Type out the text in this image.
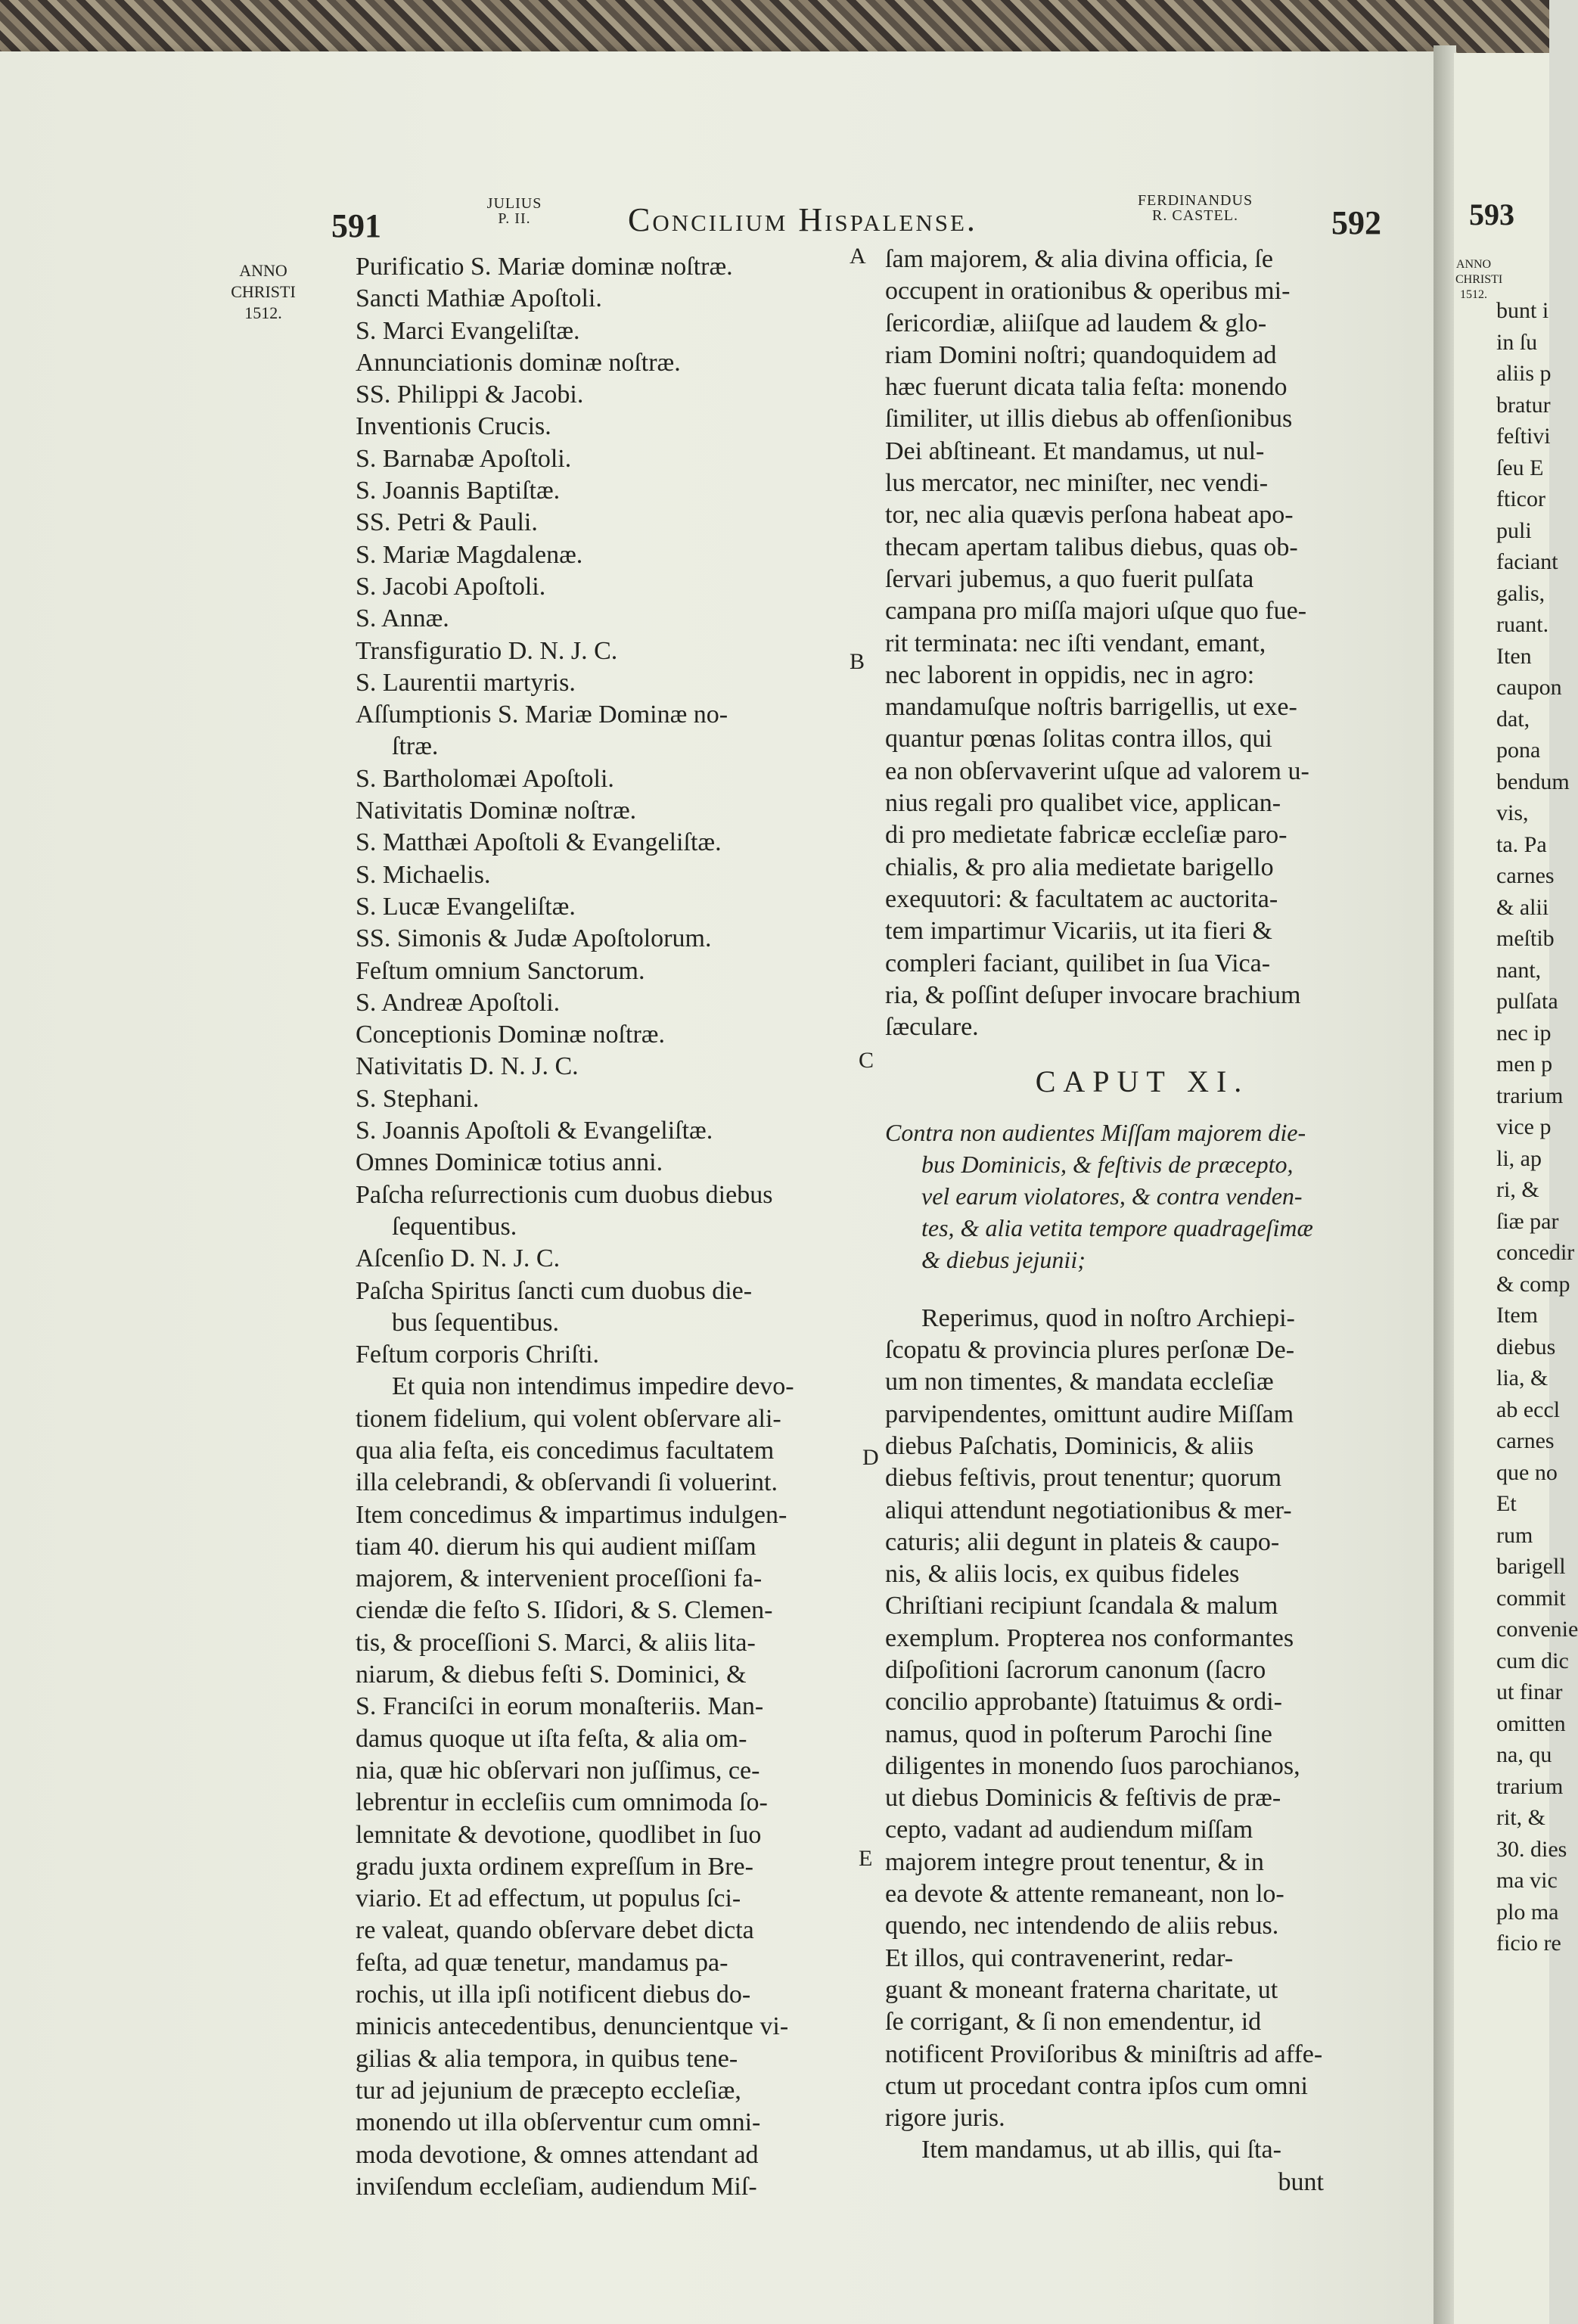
593
ANNO
CHRISTI
1512.
bunt i
in ſu
aliis p
bratur
feſtivi
ſeu E
fticor
puli
faciant
galis,
ruant.
Iten
caupon
dat,
pona
bendum
vis,
ta. Pa
carnes
& alii
meſtib
nant,
pulſata
nec ip
men p
trarium
vice p
li, ap
ri, &
ſiæ par
concedir
& comp
Item
diebus
lia, &
ab eccl
carnes
que no
Et
rum
barigell
commit
convenie
cum dic
ut finar
omitten
na, qu
trarium
rit, &
30. dies
ma vic
plo ma
ficio re
591
JULIUS
P. II.	Concilium Hispalense.
FERDINANDUS
R. CASTEL.	592
ANNO
CHRISTI
1512.
A
B
C
D
E
Purificatio S. Mariæ dominæ noſtræ.
Sancti Mathiæ Apoſtoli.
S. Marci Evangeliſtæ.
Annunciationis dominæ noſtræ.
SS. Philippi & Jacobi.
Inventionis Crucis.
S. Barnabæ Apoſtoli.
S. Joannis Baptiſtæ.
SS. Petri & Pauli.
S. Mariæ Magdalenæ.
S. Jacobi Apoſtoli.
S. Annæ.
Transfiguratio D. N. J. C.
S. Laurentii martyris.
Aſſumptionis S. Mariæ Dominæ no-
ſtræ.
S. Bartholomæi Apoſtoli.
Nativitatis Dominæ noſtræ.
S. Matthæi Apoſtoli & Evangeliſtæ.
S. Michaelis.
S. Lucæ Evangeliſtæ.
SS. Simonis & Judæ Apoſtolorum.
Feſtum omnium Sanctorum.
S. Andreæ Apoſtoli.
Conceptionis Dominæ noſtræ.
Nativitatis D. N. J. C.
S. Stephani.
S. Joannis Apoſtoli & Evangeliſtæ.
Omnes Dominicæ totius anni.
Paſcha reſurrectionis cum duobus diebus
ſequentibus.
Aſcenſio D. N. J. C.
Paſcha Spiritus ſancti cum duobus die-
bus ſequentibus.
Feſtum corporis Chriſti.
Et quia non intendimus impedire devo-
tionem fidelium, qui volent obſervare ali-
qua alia feſta, eis concedimus facultatem
illa celebrandi, & obſervandi ſi voluerint.
Item concedimus & impartimus indulgen-
tiam 40. dierum his qui audient miſſam
majorem, & intervenient proceſſioni fa-
ciendæ die feſto S. Iſidori, & S. Clemen-
tis, & proceſſioni S. Marci, & aliis lita-
niarum, & diebus feſti S. Dominici, &
S. Franciſci in eorum monaſteriis. Man-
damus quoque ut iſta feſta, & alia om-
nia, quæ hic obſervari non juſſimus, ce-
lebrentur in eccleſiis cum omnimoda ſo-
lemnitate & devotione, quodlibet in ſuo
gradu juxta ordinem expreſſum in Bre-
viario. Et ad effectum, ut populus ſci-
re valeat, quando obſervare debet dicta
feſta, ad quæ tenetur, mandamus pa-
rochis, ut illa ipſi notificent diebus do-
minicis antecedentibus, denuncientque vi-
gilias & alia tempora, in quibus tene-
tur ad jejunium de præcepto eccleſiæ,
monendo ut illa obſerventur cum omni-
moda devotione, & omnes attendant ad
inviſendum eccleſiam, audiendum Miſ-
ſam majorem, & alia divina officia, ſe
occupent in orationibus & operibus mi-
ſericordiæ, aliiſque ad laudem & glo-
riam Domini noſtri; quandoquidem ad
hæc fuerunt dicata talia feſta: monendo
ſimiliter, ut illis diebus ab offenſionibus
Dei abſtineant. Et mandamus, ut nul-
lus mercator, nec miniſter, nec vendi-
tor, nec alia quævis perſona habeat apo-
thecam apertam talibus diebus, quas ob-
ſervari jubemus, a quo fuerit pulſata
campana pro miſſa majori uſque quo fue-
rit terminata: nec iſti vendant, emant,
nec laborent in oppidis, nec in agro:
mandamuſque noſtris barrigellis, ut exe-
quantur pœnas ſolitas contra illos, qui
ea non obſervaverint uſque ad valorem u-
nius regali pro qualibet vice, applican-
di pro medietate fabricæ eccleſiæ paro-
chialis, & pro alia medietate barigello
exequutori: & facultatem ac auctorita-
tem impartimur Vicariis, ut ita fieri &
compleri faciant, quilibet in ſua Vica-
ria, & poſſint deſuper invocare brachium
ſæculare.
CAPUT XI.
Contra non audientes Miſſam majorem die-
bus Dominicis, & feſtivis de præcepto,
vel earum violatores, & contra venden-
tes, & alia vetita tempore quadrageſimæ
& diebus jejunii;
Reperimus, quod in noſtro Archiepi-
ſcopatu & provincia plures perſonæ De-
um non timentes, & mandata eccleſiæ
parvipendentes, omittunt audire Miſſam
diebus Paſchatis, Dominicis, & aliis
diebus feſtivis, prout tenentur; quorum
aliqui attendunt negotiationibus & mer-
caturis; alii degunt in plateis & caupo-
nis, & aliis locis, ex quibus fideles
Chriſtiani recipiunt ſcandala & malum
exemplum. Propterea nos conformantes
diſpoſitioni ſacrorum canonum (ſacro
concilio approbante) ſtatuimus & ordi-
namus, quod in poſterum Parochi ſine
diligentes in monendo ſuos parochianos,
ut diebus Dominicis & feſtivis de præ-
cepto, vadant ad audiendum miſſam
majorem integre prout tenentur, & in
ea devote & attente remaneant, non lo-
quendo, nec intendendo de aliis rebus.
Et illos, qui contravenerint, redar-
guant & moneant fraterna charitate, ut
ſe corrigant, & ſi non emendentur, id
notificent Proviſoribus & miniſtris ad affe-
ctum ut procedant contra ipſos cum omni
rigore juris.
Item mandamus, ut ab illis, qui ſta-
bunt
